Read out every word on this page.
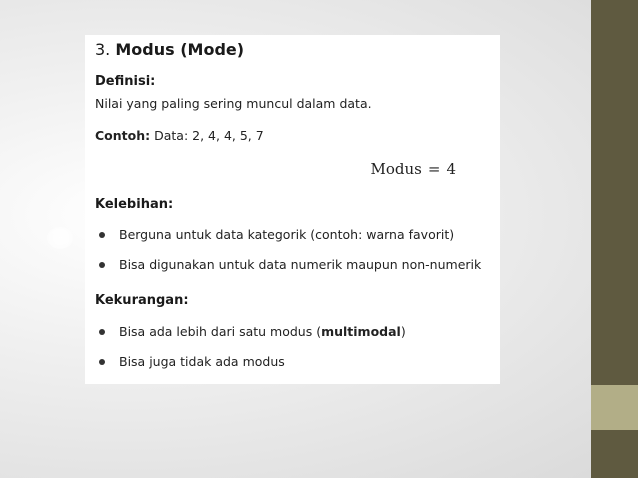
3. Modus (Mode)
Definisi:
Nilai yang paling sering muncul dalam data.
Contoh: Data: 2, 4, 4, 5, 7
Modus = 4
Kelebihan:
Berguna untuk data kategorik (contoh: warna favorit)
Bisa digunakan untuk data numerik maupun non-numerik
Kekurangan:
Bisa ada lebih dari satu modus (multimodal)
Bisa juga tidak ada modus
